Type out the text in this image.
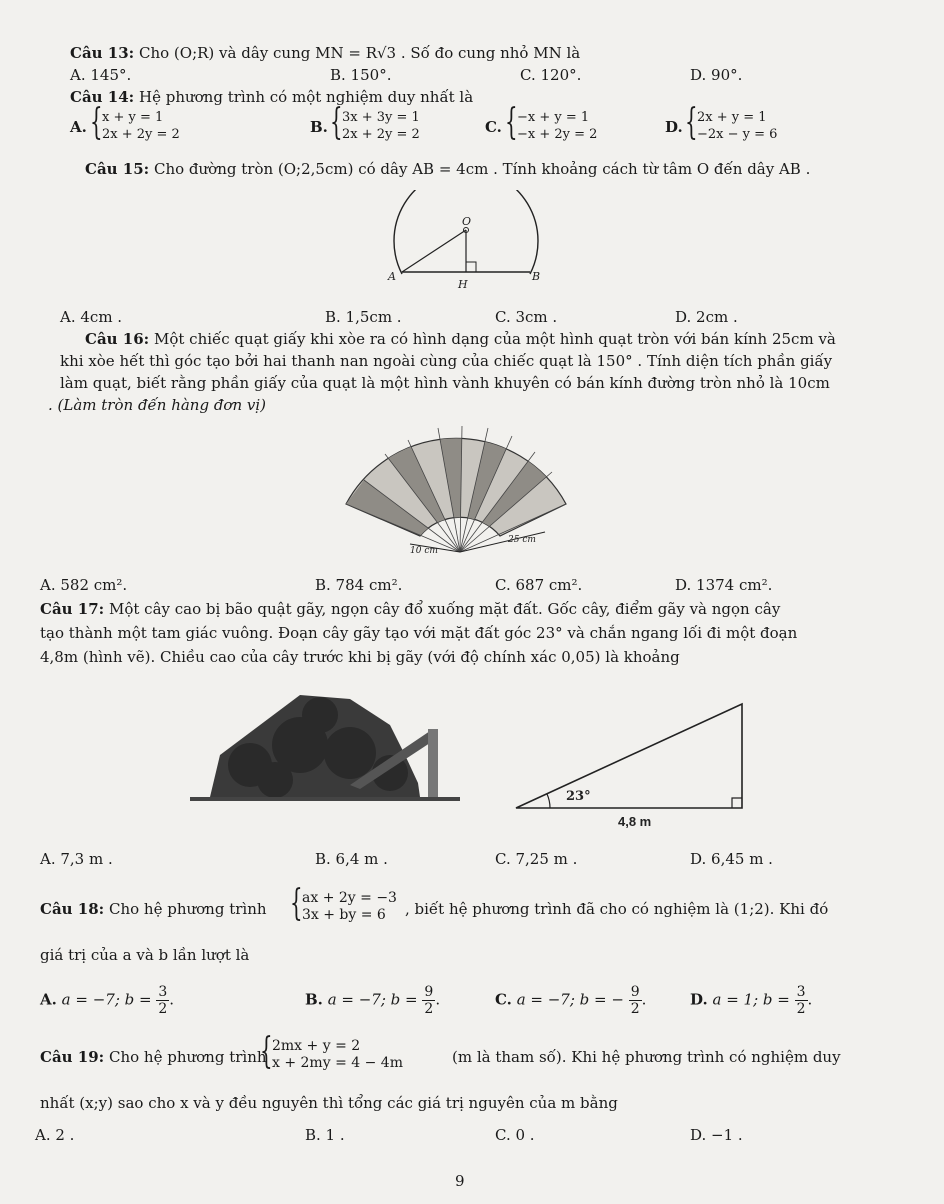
Câu 13: Cho (O;R) và dây cung MN = R√3 . Số đo cung nhỏ MN là
A. 145°.	B. 150°.	C. 120°.	D. 90°.
Câu 14: Hệ phương trình có một nghiệm duy nhất là
A. { x + y = 1
2x + 2y = 2	B. { 3x + 3y = 1
2x + 2y = 2	C. { −x + y = 1
−x + 2y = 2	D. { 2x + y = 1
−2x − y = 6
Câu 15: Cho đường tròn (O;2,5cm) có dây AB = 4cm . Tính khoảng cách từ tâm O đến dây AB .
O
A
H
B
A. 4cm .	B. 1,5cm .	C. 3cm .	D. 2cm .
Câu 16: Một chiếc quạt giấy khi xòe ra có hình dạng của một hình quạt tròn với bán kính 25cm và
khi xòe hết thì góc tạo bởi hai thanh nan ngoài cùng của chiếc quạt là 150° . Tính diện tích phần giấy
làm quạt, biết rằng phần giấy của quạt là một hình vành khuyên có bán kính đường tròn nhỏ là 10cm
. (Làm tròn đến hàng đơn vị)
10 cm
25 cm
A. 582 cm².	B. 784 cm².	C. 687 cm².	D. 1374 cm².
Câu 17: Một cây cao bị bão quật gãy, ngọn cây đổ xuống mặt đất. Gốc cây, điểm gãy và ngọn cây
tạo thành một tam giác vuông. Đoạn cây gãy tạo với mặt đất góc 23° và chắn ngang lối đi một đoạn
4,8m (hình vẽ). Chiều cao của cây trước khi bị gãy (với độ chính xác 0,05) là khoảng
23°
4,8 m
A. 7,3 m .	B. 6,4 m .	C. 7,25 m .	D. 6,45 m .
Câu 18: Cho hệ phương trình { ax + 2y = −3
3x + by = 6	, biết hệ phương trình đã cho có nghiệm là (1;2). Khi đó
giá trị của a và b lần lượt là
A. a = −7; $b = \frac{3}{2}$ .	B. a = −7; $b = \frac{9}{2}$ .	C. a = −7; b = − $\frac{9}{2}$ .	D. a = 1; $b = \frac{3}{2}$ .
Câu 19: Cho hệ phương trình
{ 2mx + y = 2
x + 2my = 4 − 4m	(m là tham số). Khi hệ phương trình có nghiệm duy
nhất (x;y) sao cho x và y đều nguyên thì tổng các giá trị nguyên của m bằng
A. 2 .	B. 1 .	C. 0 .	D. −1 .
9
